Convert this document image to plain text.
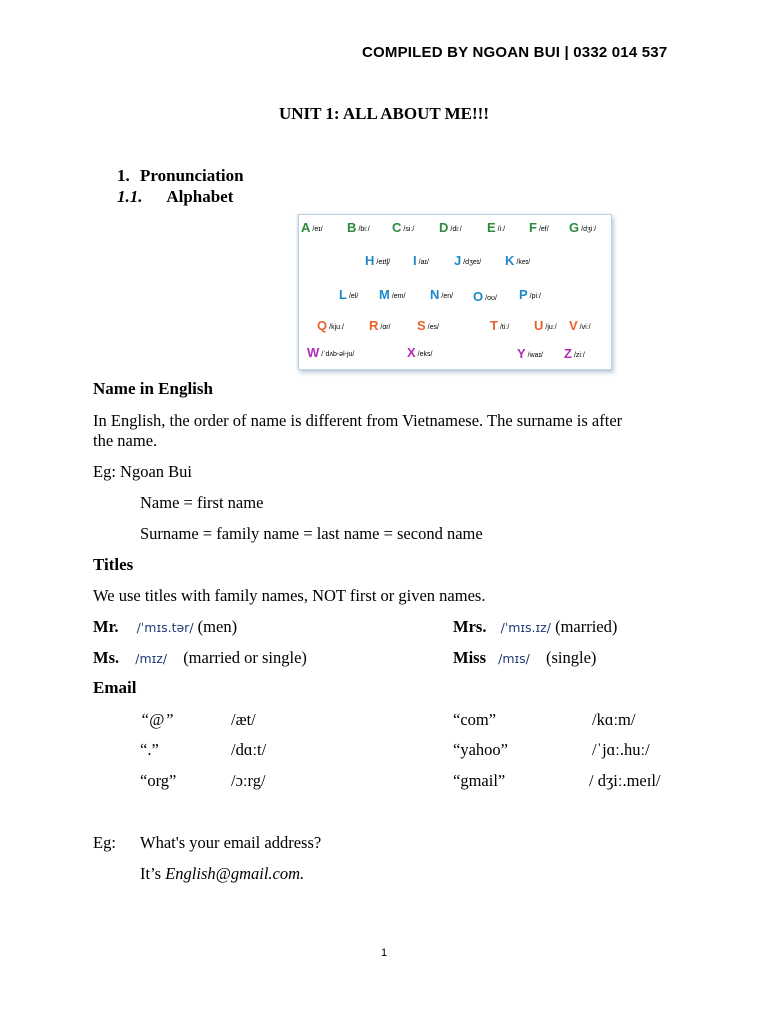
COMPILED BY NGOAN BUI | 0332 014 537
UNIT 1: ALL ABOUT ME!!!
1. Pronunciation
1.1. Alphabet
A /eɪ/ B /biː/ C /siː/ D /diː/ E /iː/ F /ef/ G /dʒiː/
H /eɪtʃ/ I /aɪ/ J /dʒeɪ/ K /keɪ/
L /el/ M /em/ N /en/ O /oʊ/ P /piː/
Q /kjuː/ R /ɑr/ S /es/	T /tiː/ U /juː/ V /viː/
W /ˈdʌb-əl-ju/	X /eks/	Y /waɪ/ Z /ziː/
Name in English
In English, the order of name is different from Vietnamese. The surname is after
the name.
Eg: Ngoan Bui
Name = first name
Surname = family name = last name = second name
Titles
We use titles with family names, NOT first or given names.
Mr. /ˈmɪs.tər/ (men)	Mrs. /ˈmɪs.ɪz/ (married)
Ms. /mɪz/ (married or single)	Miss /mɪs/ (single)
Email
“@”	/æt/	“com”	/kɑːm/
“.”	/dɑːt/	“yahoo”	/ˈjɑː.huː/
“org”	/ɔːrg/	“gmail”	/ dʒiː.meɪl/
Eg: What's your email address?
It’s English@gmail.com.
1
